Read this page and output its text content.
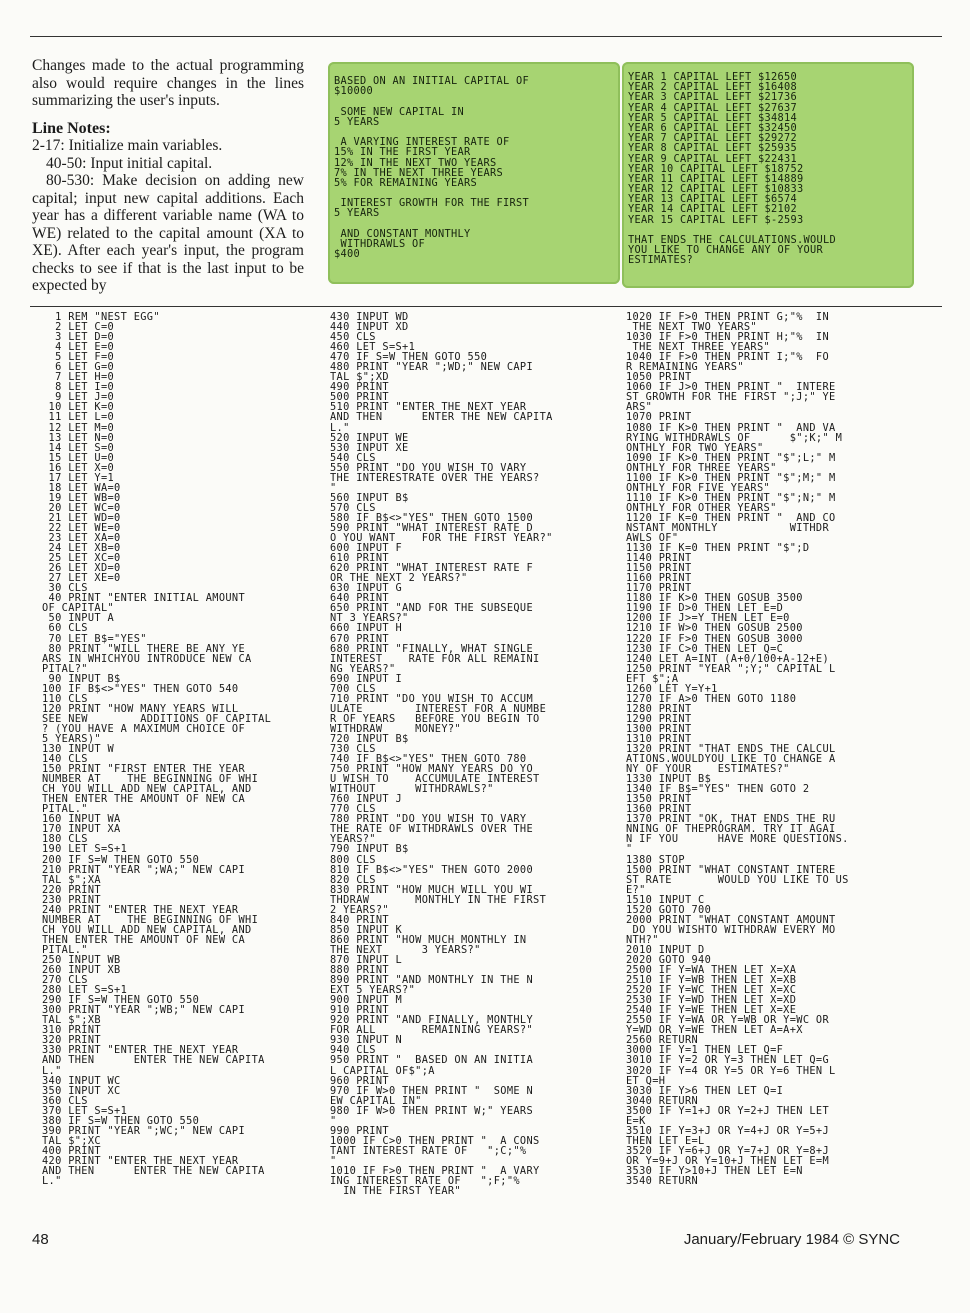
Changes made to the actual programming also would require changes in the lines summarizing the user's inputs.

Line Notes:

2-17: Initialize main variables.

40-50: Input initial capital.

80-530: Make decision on adding new capital; input new capital additions. Each year has a different variable name (WA to WE) related to the capital amount (XA to XE). After each year's input, the program checks to see if that is the last input to be expected by

BASED ON AN INITIAL CAPITAL OF
$10000
SOME NEW CAPITAL IN
5 YEARS
A VARYING INTEREST RATE OF
15% IN THE FIRST YEAR
12% IN THE NEXT TWO YEARS
7% IN THE NEXT THREE YEARS
5% FOR REMAINING YEARS
INTEREST GROWTH FOR THE FIRST
5 YEARS
AND CONSTANT MONTHLY
WITHDRAWLS OF
$400
YEAR 1 CAPITAL LEFT $12650
YEAR 2 CAPITAL LEFT $16408
YEAR 3 CAPITAL LEFT $21736
YEAR 4 CAPITAL LEFT $27637
YEAR 5 CAPITAL LEFT $34814
YEAR 6 CAPITAL LEFT $32450
YEAR 7 CAPITAL LEFT $29272
YEAR 8 CAPITAL LEFT $25935
YEAR 9 CAPITAL LEFT $22431
YEAR 10 CAPITAL LEFT $18752
YEAR 11 CAPITAL LEFT $14889
YEAR 12 CAPITAL LEFT $10833
YEAR 13 CAPITAL LEFT $6574
YEAR 14 CAPITAL LEFT $2102
YEAR 15 CAPITAL LEFT $-2593
THAT ENDS THE CALCULATIONS.WOULD
YOU LIKE TO CHANGE ANY OF YOUR
ESTIMATES?
1 REM "NEST EGG"
2 LET C=0
3 LET D=0
4 LET E=0
5 LET F=0
6 LET G=0
7 LET H=0
8 LET I=0
9 LET J=0
10 LET K=0
11 LET L=0
12 LET M=0
13 LET N=0
14 LET S=0
15 LET U=0
16 LET X=0
17 LET Y=1
18 LET WA=0
19 LET WB=0
20 LET WC=0
21 LET WD=0
22 LET WE=0
23 LET XA=0
24 LET XB=0
25 LET XC=0
26 LET XD=0
27 LET XE=0
30 CLS
40 PRINT "ENTER INITIAL AMOUNT
OF CAPITAL"
50 INPUT A
60 CLS
70 LET B$="YES"
80 PRINT "WILL THERE BE ANY YE
ARS IN WHICHYOU INTRODUCE NEW CA
PITAL?"
90 INPUT B$
100 IF B$<>"YES" THEN GOTO 540
110 CLS
120 PRINT "HOW MANY YEARS WILL
SEE NEW        ADDITIONS OF CAPITAL
? (YOU HAVE A MAXIMUM CHOICE OF
5 YEARS)"
130 INPUT W
140 CLS
150 PRINT "FIRST ENTER THE YEAR
NUMBER AT    THE BEGINNING OF WHI
CH YOU WILL ADD NEW CAPITAL, AND
THEN ENTER THE AMOUNT OF NEW CA
PITAL."
160 INPUT WA
170 INPUT XA
180 CLS
190 LET S=S+1
200 IF S=W THEN GOTO 550
210 PRINT "YEAR ";WA;" NEW CAPI
TAL $";XA
220 PRINT
230 PRINT
240 PRINT "ENTER THE NEXT YEAR
NUMBER AT    THE BEGINNING OF WHI
CH YOU WILL ADD NEW CAPITAL, AND
THEN ENTER THE AMOUNT OF NEW CA
PITAL."
250 INPUT WB
260 INPUT XB
270 CLS
280 LET S=S+1
290 IF S=W THEN GOTO 550
300 PRINT "YEAR ";WB;" NEW CAPI
TAL $";XB
310 PRINT
320 PRINT
330 PRINT "ENTER THE NEXT YEAR
AND THEN      ENTER THE NEW CAPITA
L."
340 INPUT WC
350 INPUT XC
360 CLS
370 LET S=S+1
380 IF S=W THEN GOTO 550
390 PRINT "YEAR ";WC;" NEW CAPI
TAL $";XC
400 PRINT
420 PRINT "ENTER THE NEXT YEAR
AND THEN      ENTER THE NEW CAPITA
L."
430 INPUT WD
440 INPUT XD
450 CLS
460 LET S=S+1
470 IF S=W THEN GOTO 550
480 PRINT "YEAR ";WD;" NEW CAPI
TAL $";XD
490 PRINT
500 PRINT
510 PRINT "ENTER THE NEXT YEAR
AND THEN      ENTER THE NEW CAPITA
L."
520 INPUT WE
530 INPUT XE
540 CLS
550 PRINT "DO YOU WISH TO VARY
THE INTERESTRATE OVER THE YEARS?
"
560 INPUT B$
570 CLS
580 IF B$<>"YES" THEN GOTO 1500
590 PRINT "WHAT INTEREST RATE D
O YOU WANT    FOR THE FIRST YEAR?"
600 INPUT F
610 PRINT
620 PRINT "WHAT INTEREST RATE F
OR THE NEXT 2 YEARS?"
630 INPUT G
640 PRINT
650 PRINT "AND FOR THE SUBSEQUE
NT 3 YEARS?"
660 INPUT H
670 PRINT
680 PRINT "FINALLY, WHAT SINGLE
INTEREST    RATE FOR ALL REMAINI
NG YEARS?"
690 INPUT I
700 CLS
710 PRINT "DO YOU WISH TO ACCUM
ULATE        INTEREST FOR A NUMBE
R OF YEARS   BEFORE YOU BEGIN TO
WITHDRAW     MONEY?"
720 INPUT B$
730 CLS
740 IF B$<>"YES" THEN GOTO 780
750 PRINT "HOW MANY YEARS DO YO
U WISH TO    ACCUMULATE INTEREST
WITHOUT      WITHDRAWLS?"
760 INPUT J
770 CLS
780 PRINT "DO YOU WISH TO VARY
THE RATE OF WITHDRAWLS OVER THE
YEARS?"
790 INPUT B$
800 CLS
810 IF B$<>"YES" THEN GOTO 2000
820 CLS
830 PRINT "HOW MUCH WILL YOU WI
THDRAW       MONTHLY IN THE FIRST
2 YEARS?"
840 PRINT
850 INPUT K
860 PRINT "HOW MUCH MONTHLY IN
THE NEXT      3 YEARS?"
870 INPUT L
880 PRINT
890 PRINT "AND MONTHLY IN THE N
EXT 5 YEARS?"
900 INPUT M
910 PRINT
920 PRINT "AND FINALLY, MONTHLY
FOR ALL       REMAINING YEARS?"
930 INPUT N
940 CLS
950 PRINT "  BASED ON AN INITIA
L CAPITAL OF$";A
960 PRINT
970 IF W>0 THEN PRINT "  SOME N
EW CAPITAL IN"
980 IF W>0 THEN PRINT W;" YEARS
"
990 PRINT
1000 IF C>0 THEN PRINT "  A CONS
TANT INTEREST RATE OF   ";C;"%
"
1010 IF F>0 THEN PRINT "  A VARY
ING INTEREST RATE OF   ";F;"%
IN THE FIRST YEAR"
1020 IF F>0 THEN PRINT G;"%  IN
THE NEXT TWO YEARS"
1030 IF F>0 THEN PRINT H;"%  IN
THE NEXT THREE YEARS"
1040 IF F>0 THEN PRINT I;"%  FO
R REMAINING YEARS"
1050 PRINT
1060 IF J>0 THEN PRINT "  INTERE
ST GROWTH FOR THE FIRST ";J;" YE
ARS"
1070 PRINT
1080 IF K>0 THEN PRINT "  AND VA
RYING WITHDRAWLS OF      $";K;" M
ONTHLY FOR TWO YEARS"
1090 IF K>0 THEN PRINT "$";L;" M
ONTHLY FOR THREE YEARS"
1100 IF K>0 THEN PRINT "$";M;" M
ONTHLY FOR FIVE YEARS"
1110 IF K>0 THEN PRINT "$";N;" M
ONTHLY FOR OTHER YEARS"
1120 IF K=0 THEN PRINT "  AND CO
NSTANT MONTHLY           WITHDR
AWLS OF"
1130 IF K=0 THEN PRINT "$";D
1140 PRINT
1150 PRINT
1160 PRINT
1170 PRINT
1180 IF K>0 THEN GOSUB 3500
1190 IF D>0 THEN LET E=D
1200 IF J>=Y THEN LET E=0
1210 IF W>0 THEN GOSUB 2500
1220 IF F>0 THEN GOSUB 3000
1230 IF C>0 THEN LET Q=C
1240 LET A=INT (A+0/100+A-12+E)
1250 PRINT "YEAR ";Y;" CAPITAL L
EFT $";A
1260 LET Y=Y+1
1270 IF A>0 THEN GOTO 1180
1280 PRINT
1290 PRINT
1300 PRINT
1310 PRINT
1320 PRINT "THAT ENDS THE CALCUL
ATIONS.WOULDYOU LIKE TO CHANGE A
NY OF YOUR    ESTIMATES?"
1330 INPUT B$
1340 IF B$="YES" THEN GOTO 2
1350 PRINT
1360 PRINT
1370 PRINT "OK, THAT ENDS THE RU
NNING OF THEPROGRAM. TRY IT AGAI
N IF YOU      HAVE MORE QUESTIONS.
"
1380 STOP
1500 PRINT "WHAT CONSTANT INTERE
ST RATE       WOULD YOU LIKE TO US
E?"
1510 INPUT C
1520 GOTO 700
2000 PRINT "WHAT CONSTANT AMOUNT
DO YOU WISHTO WITHDRAW EVERY MO
NTH?"
2010 INPUT D
2020 GOTO 940
2500 IF Y=WA THEN LET X=XA
2510 IF Y=WB THEN LET X=XB
2520 IF Y=WC THEN LET X=XC
2530 IF Y=WD THEN LET X=XD
2540 IF Y=WE THEN LET X=XE
2550 IF Y=WA OR Y=WB OR Y=WC OR
Y=WD OR Y=WE THEN LET A=A+X
2560 RETURN
3000 IF Y=1 THEN LET Q=F
3010 IF Y=2 OR Y=3 THEN LET Q=G
3020 IF Y=4 OR Y=5 OR Y=6 THEN L
ET Q=H
3030 IF Y>6 THEN LET Q=I
3040 RETURN
3500 IF Y=1+J OR Y=2+J THEN LET
E=K
3510 IF Y=3+J OR Y=4+J OR Y=5+J
THEN LET E=L
3520 IF Y=6+J OR Y=7+J OR Y=8+J
OR Y=9+J OR Y=10+J THEN LET E=M
3530 IF Y>10+J THEN LET E=N
3540 RETURN
48	January/February 1984 © SYNC
